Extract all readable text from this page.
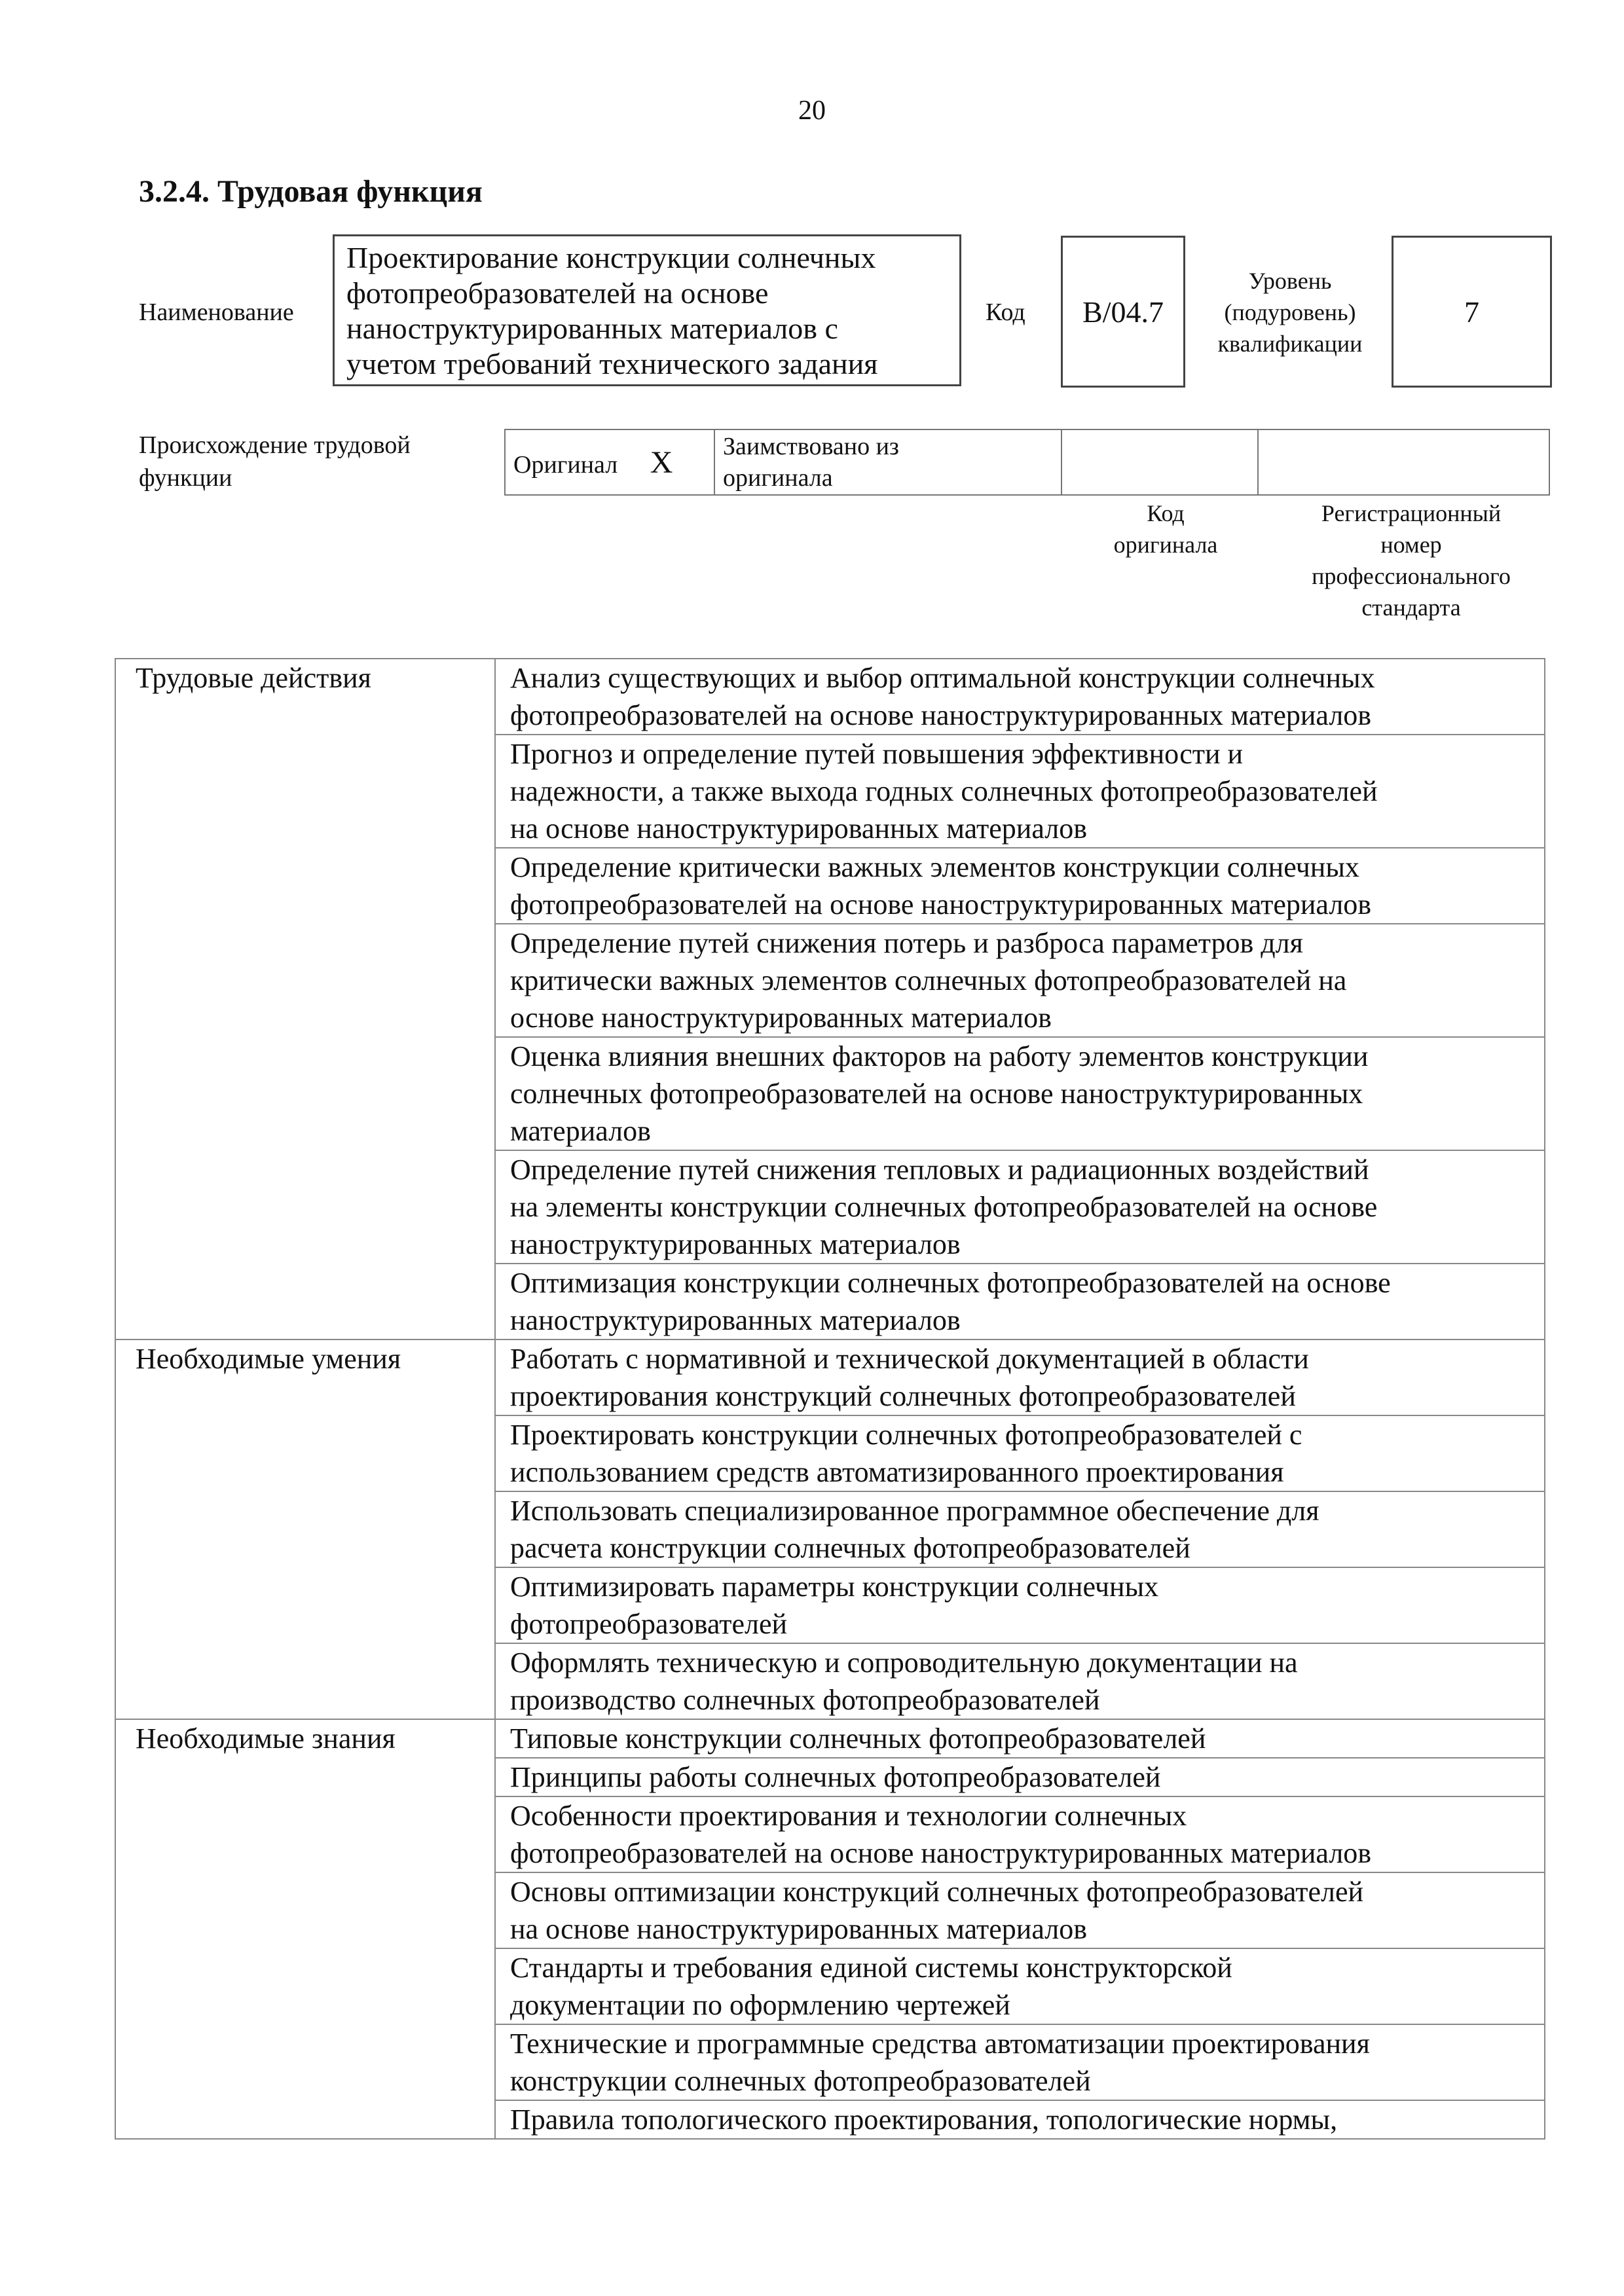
20
3.2.4. Трудовая функция
Наименование
Проектирование конструкции солнечных
фотопреобразователей на основе
наноструктурированных материалов с
учетом требований технического задания
Код B/04.7
Уровень
(подуровень)
квалификации
7
Происхождение трудовой
функции	Оригинал X	Заимствовано из
оригинала

Код
оригинала
Регистрационный
номер
профессионального
стандарта
Трудовые действия	Анализ существующих и выбор оптимальной конструкции солнечных
фотопреобразователей на основе наноструктурированных материалов

	Прогноз и определение путей повышения эффективности и
надежности, а также выхода годных солнечных фотопреобразователей
на основе наноструктурированных материалов

	Определение критически важных элементов конструкции солнечных
фотопреобразователей на основе наноструктурированных материалов

	Определение путей снижения потерь и разброса параметров для
критически важных элементов солнечных фотопреобразователей на
основе наноструктурированных материалов

	Оценка влияния внешних факторов на работу элементов конструкции
солнечных фотопреобразователей на основе наноструктурированных
материалов

	Определение путей снижения тепловых и радиационных воздействий
на элементы конструкции солнечных фотопреобразователей на основе
наноструктурированных материалов

	Оптимизация конструкции солнечных фотопреобразователей на основе
наноструктурированных материалов

Необходимые умения	Работать с нормативной и технической документацией в области
проектирования конструкций солнечных фотопреобразователей

	Проектировать конструкции солнечных фотопреобразователей с
использованием средств автоматизированного проектирования

	Использовать специализированное программное обеспечение для
расчета конструкции солнечных фотопреобразователей

	Оптимизировать параметры конструкции солнечных
фотопреобразователей

	Оформлять техническую и сопроводительную документации на
производство солнечных фотопреобразователей

Необходимые знания	Типовые конструкции солнечных фотопреобразователей

	Принципы работы солнечных фотопреобразователей

	Особенности проектирования и технологии солнечных
фотопреобразователей на основе наноструктурированных материалов

	Основы оптимизации конструкций солнечных фотопреобразователей
на основе наноструктурированных материалов

	Стандарты и требования единой системы конструкторской
документации по оформлению чертежей

	Технические и программные средства автоматизации проектирования
конструкции солнечных фотопреобразователей

	Правила топологического проектирования, топологические нормы,
